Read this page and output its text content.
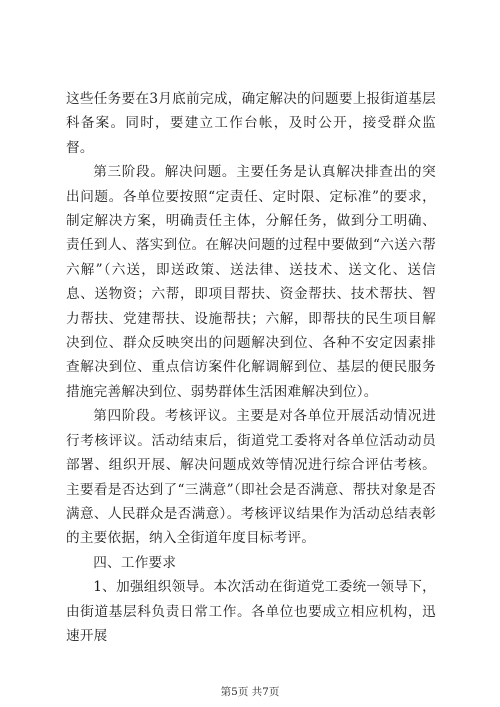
这些任务要在3月底前完成，确定解决的问题要上报街道基层科备案。同时，要建立工作台帐，及时公开，接受群众监督。

第三阶段。解决问题。主要任务是认真解决排查出的突出问题。各单位要按照“定责任、定时限、定标准”的要求，制定解决方案，明确责任主体，分解任务，做到分工明确、责任到人、落实到位。在解决问题的过程中要做到“六送六帮六解”（六送，即送政策、送法律、送技术、送文化、送信息、送物资；六帮，即项目帮扶、资金帮扶、技术帮扶、智力帮扶、党建帮扶、设施帮扶；六解，即帮扶的民生项目解决到位、群众反映突出的问题解决到位、各种不安定因素排查解决到位、重点信访案件化解调解到位、基层的便民服务措施完善解决到位、弱势群体生活困难解决到位）。

第四阶段。考核评议。主要是对各单位开展活动情况进行考核评议。活动结束后，街道党工委将对各单位活动动员部署、组织开展、解决问题成效等情况进行综合评估考核。主要看是否达到了“三满意”（即社会是否满意、帮扶对象是否满意、人民群众是否满意）。考核评议结果作为活动总结表彰的主要依据，纳入全街道年度目标考评。

四、工作要求

1、加强组织领导。本次活动在街道党工委统一领导下，由街道基层科负责日常工作。各单位也要成立相应机构，迅速开展

第5页 共7页
